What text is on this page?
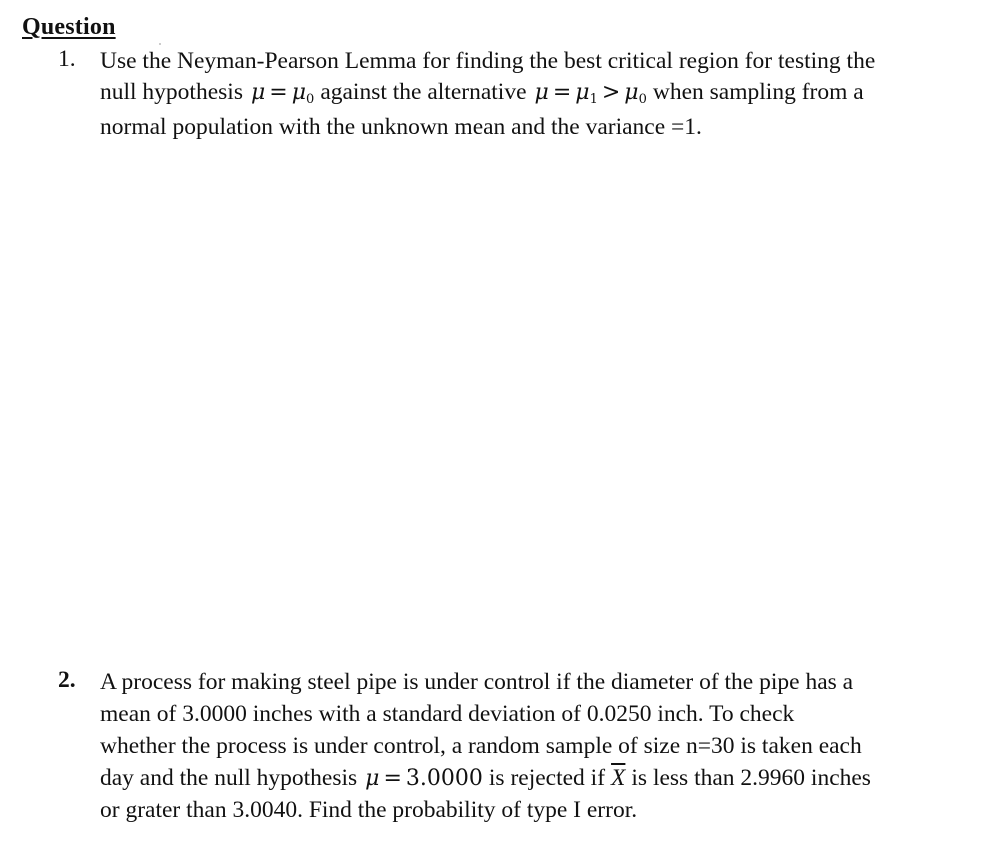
Question
1.	Use the Neyman-Pearson Lemma for finding the best critical region for testing the
null hypothesis $\mu = \mu_0$ against the alternative $\mu = \mu_1 > \mu_0$ when sampling from a
normal population with the unknown mean and the variance =1.
2.	A process for making steel pipe is under control if the diameter of the pipe has a
mean of 3.0000 inches with a standard deviation of 0.0250 inch. To check
whether the process is under control, a random sample of size n=30 is taken each
day and the null hypothesis μ = 3.0000 is rejected if $\overline{X}$ is less than 2.9960 inches
or grater than 3.0040. Find the probability of type I error.
